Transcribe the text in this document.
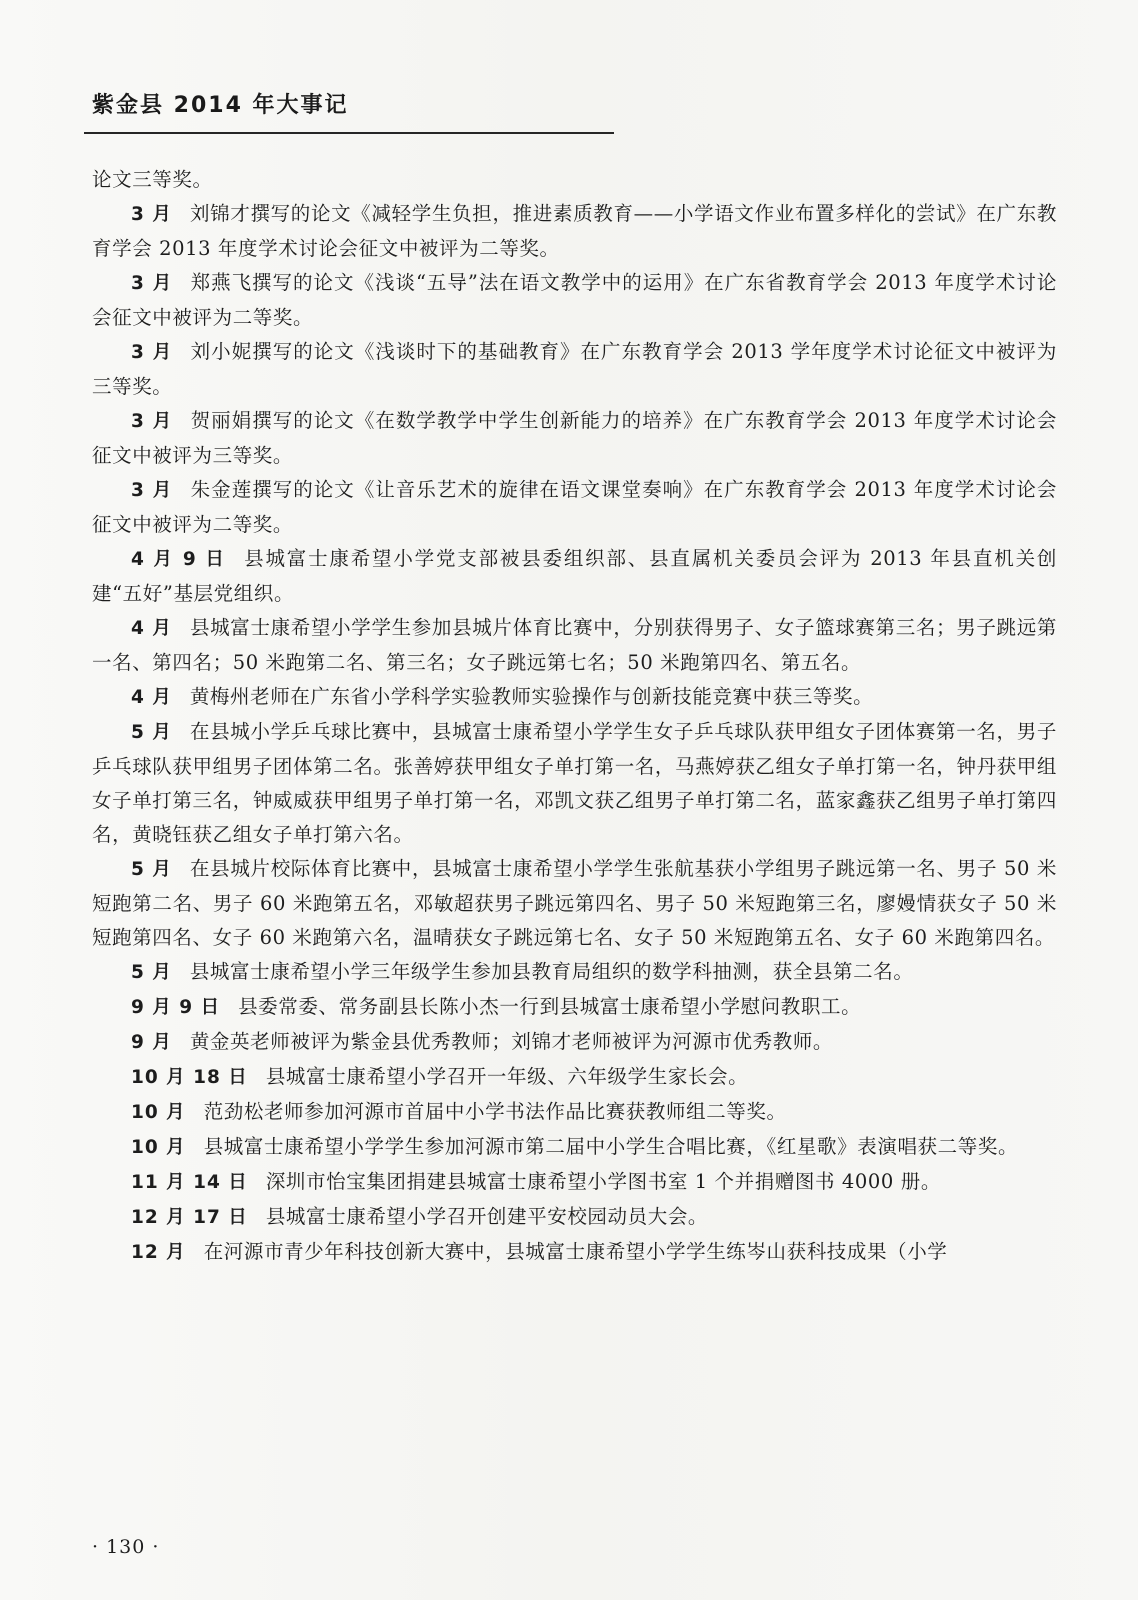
紫金县 2014 年大事记

论文三等奖。

3 月 刘锦才撰写的论文《减轻学生负担，推进素质教育——小学语文作业布置多样化的尝试》在广东教育学会 2013 年度学术讨论会征文中被评为二等奖。

3 月 郑燕飞撰写的论文《浅谈“五导”法在语文教学中的运用》在广东省教育学会 2013 年度学术讨论会征文中被评为二等奖。

3 月 刘小妮撰写的论文《浅谈时下的基础教育》在广东教育学会 2013 学年度学术讨论征文中被评为三等奖。

3 月 贺丽娟撰写的论文《在数学教学中学生创新能力的培养》在广东教育学会 2013 年度学术讨论会征文中被评为三等奖。

3 月 朱金莲撰写的论文《让音乐艺术的旋律在语文课堂奏响》在广东教育学会 2013 年度学术讨论会征文中被评为二等奖。

4 月 9 日 县城富士康希望小学党支部被县委组织部、县直属机关委员会评为 2013 年县直机关创建“五好”基层党组织。

4 月 县城富士康希望小学学生参加县城片体育比赛中，分别获得男子、女子篮球赛第三名；男子跳远第一名、第四名；50 米跑第二名、第三名；女子跳远第七名；50 米跑第四名、第五名。

4 月 黄梅州老师在广东省小学科学实验教师实验操作与创新技能竞赛中获三等奖。

5 月 在县城小学乒乓球比赛中，县城富士康希望小学学生女子乒乓球队获甲组女子团体赛第一名，男子乒乓球队获甲组男子团体第二名。张善婷获甲组女子单打第一名，马燕婷获乙组女子单打第一名，钟丹获甲组女子单打第三名，钟威威获甲组男子单打第一名，邓凯文获乙组男子单打第二名，蓝家鑫获乙组男子单打第四名，黄晓钰获乙组女子单打第六名。

5 月 在县城片校际体育比赛中，县城富士康希望小学学生张航基获小学组男子跳远第一名、男子 50 米短跑第二名、男子 60 米跑第五名，邓敏超获男子跳远第四名、男子 50 米短跑第三名，廖嫚情获女子 50 米短跑第四名、女子 60 米跑第六名，温晴获女子跳远第七名、女子 50 米短跑第五名、女子 60 米跑第四名。

5 月 县城富士康希望小学三年级学生参加县教育局组织的数学科抽测，获全县第二名。

9 月 9 日 县委常委、常务副县长陈小杰一行到县城富士康希望小学慰问教职工。

9 月 黄金英老师被评为紫金县优秀教师；刘锦才老师被评为河源市优秀教师。

10 月 18 日 县城富士康希望小学召开一年级、六年级学生家长会。

10 月 范劲松老师参加河源市首届中小学书法作品比赛获教师组二等奖。

10 月 县城富士康希望小学学生参加河源市第二届中小学生合唱比赛，《红星歌》表演唱获二等奖。

11 月 14 日 深圳市怡宝集团捐建县城富士康希望小学图书室 1 个并捐赠图书 4000 册。

12 月 17 日 县城富士康希望小学召开创建平安校园动员大会。

12 月 在河源市青少年科技创新大赛中，县城富士康希望小学学生练岑山获科技成果（小学

· 130 ·
